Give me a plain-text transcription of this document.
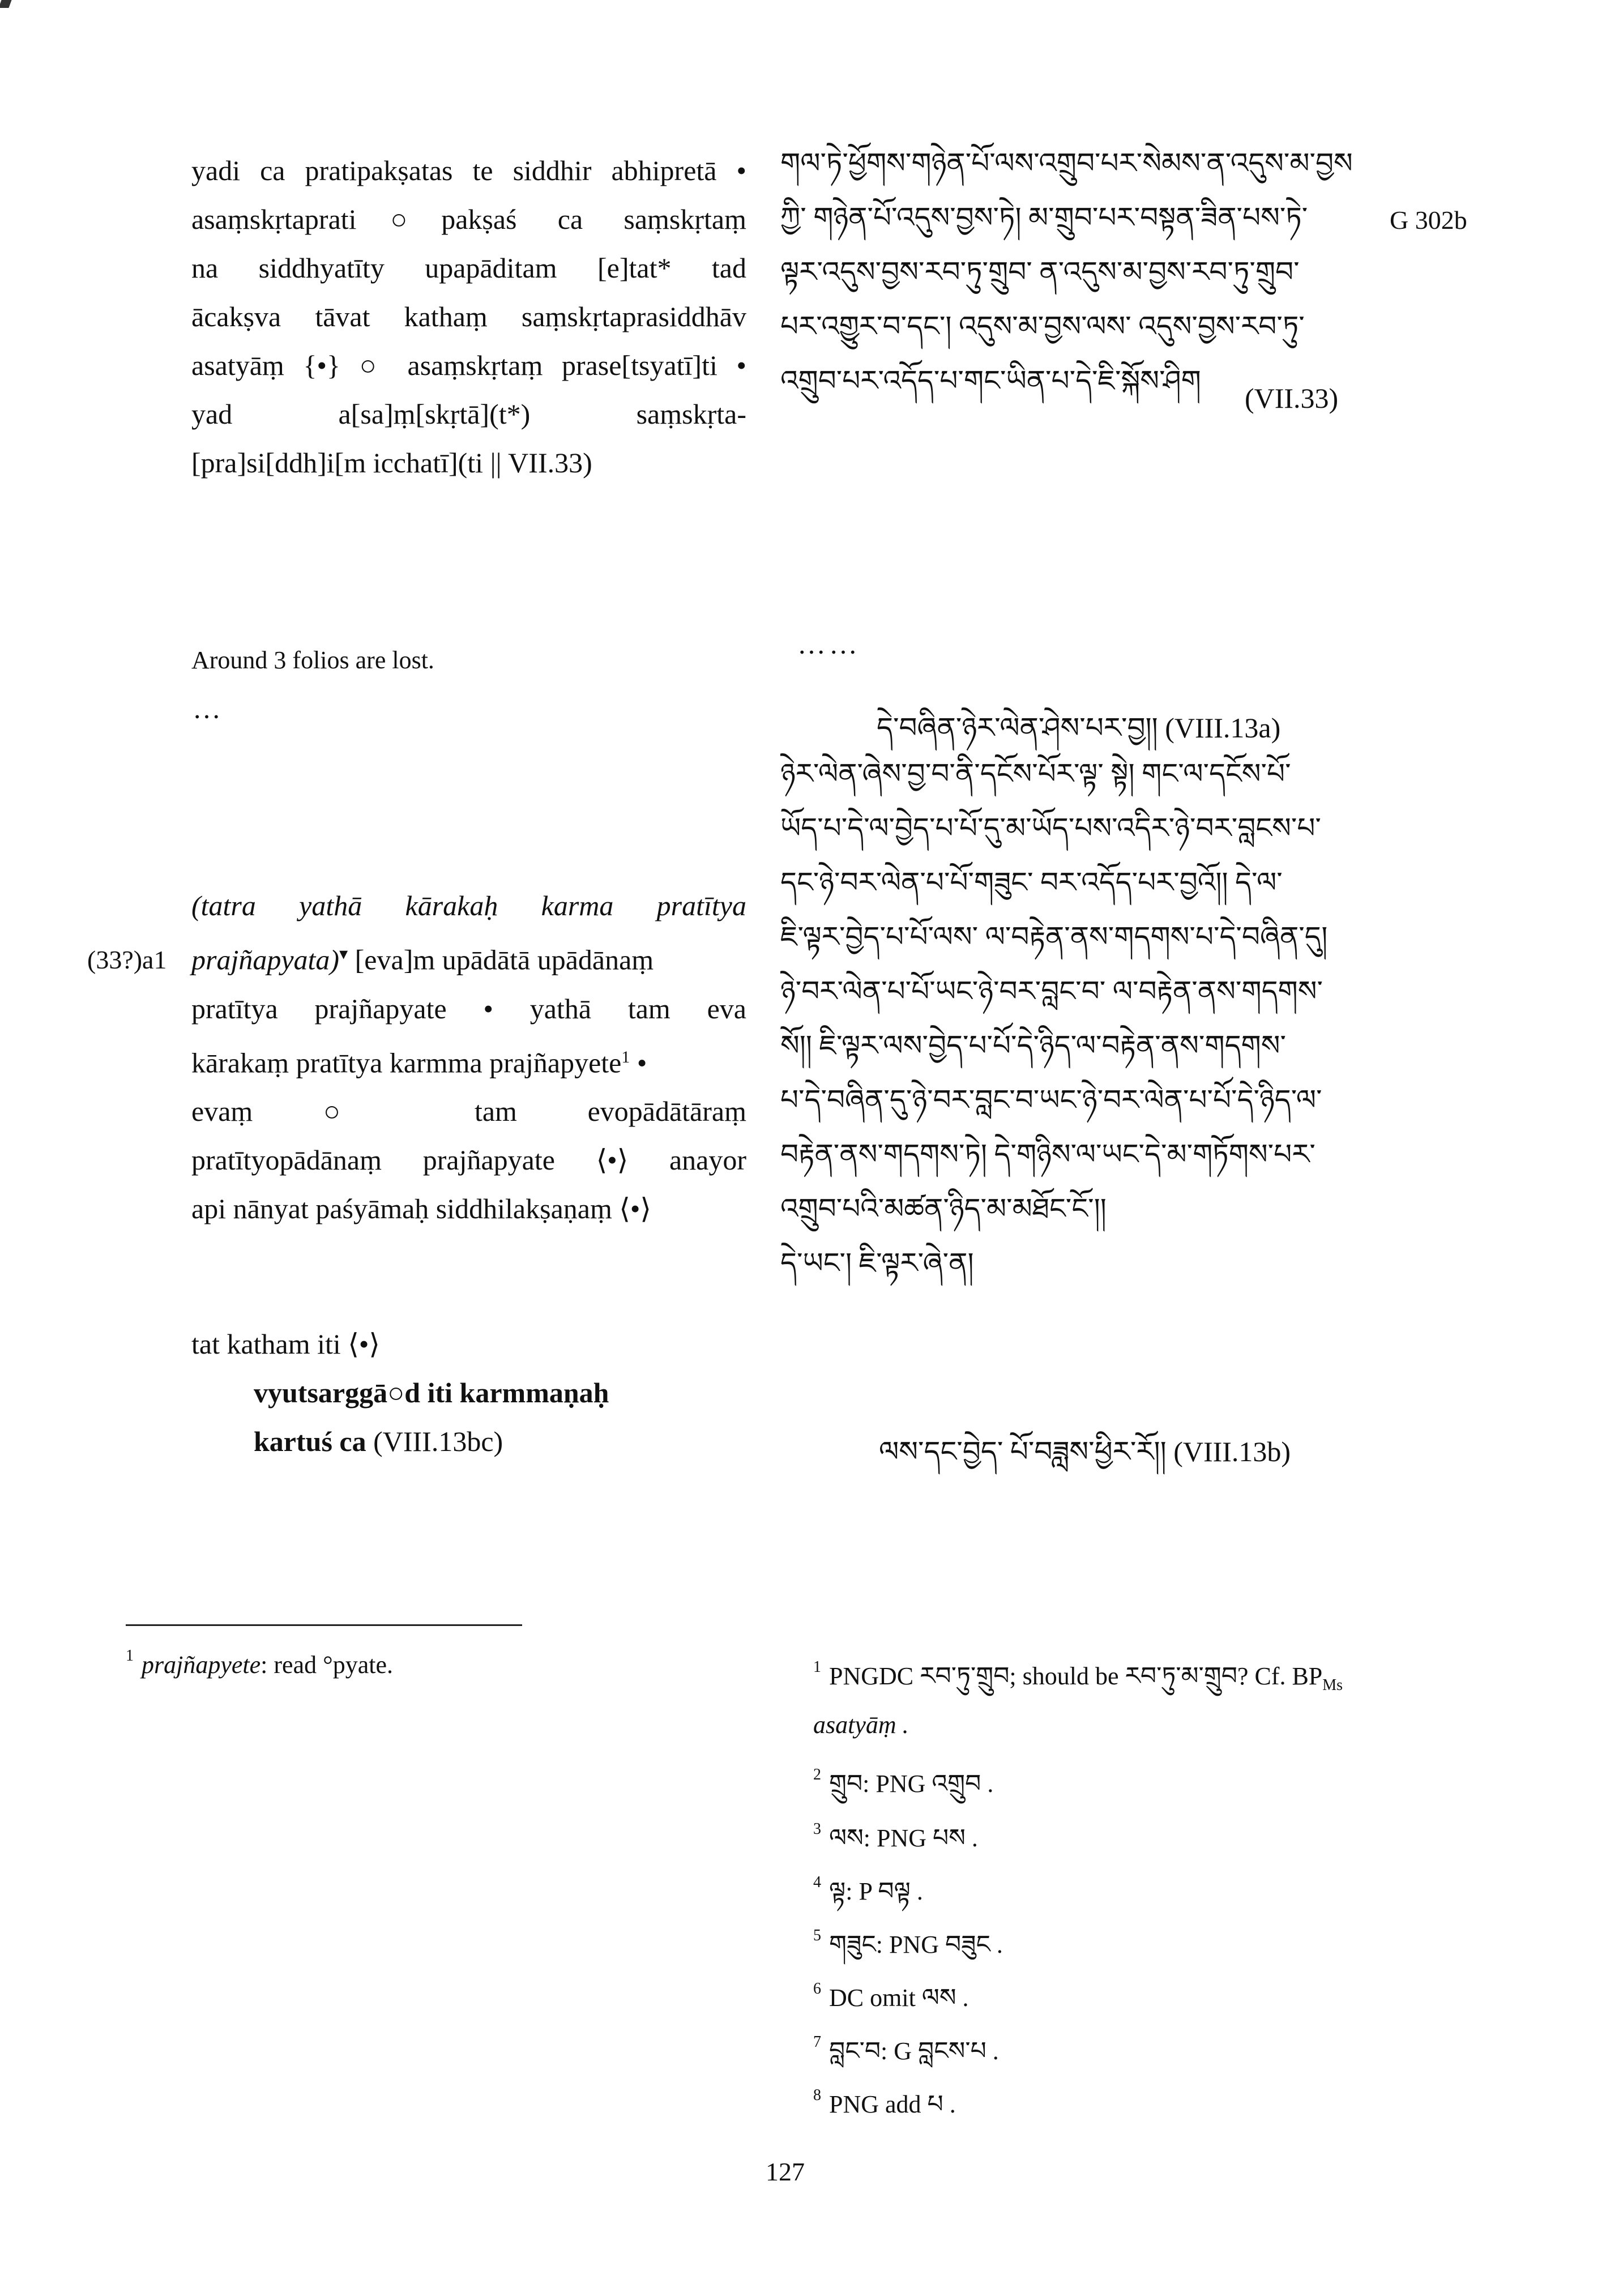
yadi ca pratipakṣatas te siddhir abhipretā •
asaṃskṛtaprati○pakṣaś ca saṃskṛtaṃ
na siddhyatīty upapāditam [e]tat* tad
ācakṣva tāvat kathaṃ saṃskṛtaprasiddhāv
asatyāṃ {•} ○ asaṃskṛtaṃ prase[tsyatī]ti •
yad a[sa]ṃ[skṛtā](t*) saṃskṛta-
[pra]si[ddh]i[m icchatī](ti || VII.33)
གལ་ཏེ་ཕྱོགས་གཉེན་པོ་ལས་འགྲུབ་པར་སེམས་ན་འདུས་མ་བྱས
ཀྱི་ གཉེན་པོ་འདུས་བྱས་ཏེ། མ་གྲུབ་པར་བསྟན་ཟིན་པས་ཏེ་
ལྟར་འདུས་བྱས་རབ་ཏུ་གྲུབ་ ན་འདུས་མ་བྱས་རབ་ཏུ་གྲུབ་
པར་འགྱུར་བ་དང་། འདུས་མ་བྱས་ལས་ འདུས་བྱས་རབ་ཏུ་
འགྲུབ་པར་འདོད་པ་གང་ཡིན་པ་དེ་ཇི་སྐོས་ཤིག(VII.33)
G 302b
Around 3 folios are lost.
…
……
དེ་བཞིན་ཉེར་ལེན་ཤེས་པར་བྱ།། (VIII.13a)
ཉེར་ལེན་ཞེས་བྱ་བ་ནི་དངོས་པོར་ལྟ་ སྟེ། གང་ལ་དངོས་པོ་
ཡོད་པ་དེ་ལ་བྱེད་པ་པོ་དུ་མ་ཡོད་པས་འདིར་ཉེ་བར་བླངས་པ་
དང་ཉེ་བར་ལེན་པ་པོ་གཟུང་ བར་འདོད་པར་བྱའོ།། དེ་ལ་
ཇི་ལྟར་བྱེད་པ་པོ་ལས་ ལ་བརྟེན་ནས་གདགས་པ་དེ་བཞིན་དུ།
ཉེ་བར་ལེན་པ་པོ་ཡང་ཉེ་བར་བླང་བ་ ལ་བརྟེན་ནས་གདགས་
སོ།། ཇི་ལྟར་ལས་བྱེད་པ་པོ་དེ་ཉིད་ལ་བརྟེན་ནས་གདགས་
པ་དེ་བཞིན་དུ་ཉེ་བར་བླང་བ་ཡང་ཉེ་བར་ལེན་པ་པོ་དེ་ཉིད་ལ་
བརྟེན་ནས་གདགས་ཏེ། དེ་གཉིས་ལ་ཡང་དེ་མ་གཏོགས་པར་
འགྲུབ་པའི་མཚན་ཉིད་མ་མཐོང་ངོ་།།
དེ་ཡང་། ཇི་ལྟར་ཞེ་ན།
ལས་དང་བྱེད་ པོ་བཟླས་ཕྱིར་རོ།། (VIII.13b)
(33?)a1
(tatra yathā kārakaḥ karma pratītya
prajñapyata)▾ [eva]m upādātā upādānaṃ
pratītya prajñapyate • yathā tam eva
kārakaṃ pratītya karmma prajñapyete$^1$ •
evaṃ ○ tam evopādātāraṃ
pratītyopādānaṃ prajñapyate ⟨•⟩ anayor
api nānyat paśyāmaḥ siddhilakṣaṇaṃ ⟨•⟩
tat katham iti ⟨•⟩
vyutsarggā○d iti karmmaṇaḥ
kartuś ca (VIII.13bc)
$^1$ prajñapyete: read °pyate.	$^1$ PNGDC རབ་ཏུ་གྲུབ; should be རབ་ཏུ་མ་གྲུབ? Cf. $BP_{Ms}$
asatyāṃ .
$^2$ གྲུབ: PNG འགྲུབ .
$^3$ ལས: PNG པས .
$^4$ ལྟ: P བལྟ .
$^5$ གཟུང: PNG བཟུང .
$^6$ DC omit ལས .
$^7$ བླང་བ: G བླངས་པ .
$^8$ PNG add པ .
127
